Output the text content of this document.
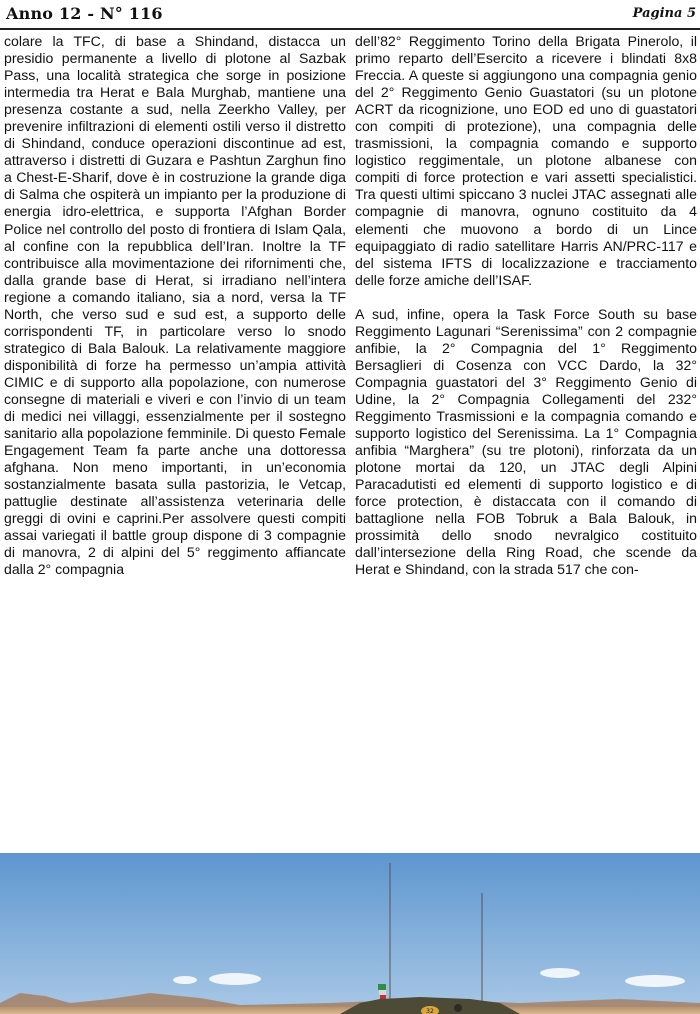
Anno 12 - N° 116	Pagina 5

colare la TFC, di base a Shindand, distacca un presidio permanente a livello di plotone al Sazbak Pass, una località strategica che sorge in posizione intermedia tra Herat e Bala Murghab, mantiene una presenza costante a sud, nella Zeerkho Valley, per prevenire infiltrazioni di elementi ostili verso il distretto di Shindand, conduce operazioni discontinue ad est, attraverso i distretti di Guzara e Pashtun Zarghun fino a Chest-E-Sharif, dove è in costruzione la grande diga di Salma che ospiterà un impianto per la produzione di energia idro-elettrica, e supporta l’Afghan Border Police nel controllo del posto di frontiera di Islam Qala, al confine con la repubblica dell’Iran. Inoltre la TF contribuisce alla movimentazione dei rifornimenti che, dalla grande base di Herat, si irradiano nell’intera regione a comando italiano, sia a nord, versa la TF North, che verso sud e sud est, a supporto delle corrispondenti TF, in particolare verso lo snodo strategico di Bala Balouk. La relativamente maggiore disponibilità di forze ha permesso un’ampia attività CIMIC e di supporto alla popolazione, con numerose consegne di materiali e viveri e con l’invio di un team di medici nei villaggi, essenzialmente per il sostegno sanitario alla popolazione femminile. Di questo Female Engagement Team fa parte anche una dottoressa afghana. Non meno importanti, in un’economia sostanzialmente basata sulla pastorizia, le Vetcap, pattuglie destinate all’assistenza veterinaria delle greggi di ovini e caprini.Per assolvere questi compiti assai variegati il battle group dispone di 3 compagnie di manovra, 2 di alpini del 5° reggimento affiancate dalla 2° compagnia

dell’82° Reggimento Torino della Brigata Pinerolo, il primo reparto dell’Esercito a ricevere i blindati 8x8 Freccia. A queste si aggiungono una compagnia genio del 2° Reggimento Genio Guastatori (su un plotone ACRT da ricognizione, uno EOD ed uno di guastatori con compiti di protezione), una compagnia delle trasmissioni, la compagnia comando e supporto logistico reggimentale, un plotone albanese con compiti di force protection e vari assetti specialistici. Tra questi ultimi spiccano 3 nuclei JTAC assegnati alle compagnie di manovra, ognuno costituito da 4 elementi che muovono a bordo di un Lince equipaggiato di radio satellitare Harris AN/PRC-117 e del sistema IFTS di localizzazione e tracciamento delle forze amiche dell’ISAF.

A sud, infine, opera la Task Force South su base Reggimento Lagunari “Serenissima” con 2 compagnie anfibie, la 2° Compagnia del 1° Reggimento Bersaglieri di Cosenza con VCC Dardo, la 32° Compagnia guastatori del 3° Reggimento Genio di Udine, la 2° Compagnia Collegamenti del 232° Reggimento Trasmissioni e la compagnia comando e supporto logistico del Serenissima. La 1° Compagnia anfibia “Marghera” (su tre plotoni), rinforzata da un plotone mortai da 120, un JTAC degli Alpini Paracadutisti ed elementi di supporto logistico e di force protection, è distaccata con il comando di battaglione nella FOB Tobruk a Bala Balouk, in prossimità dello snodo nevralgico costituito dall’intersezione della Ring Road, che scende da Herat e Shindand, con la strada 517 che con-

32
